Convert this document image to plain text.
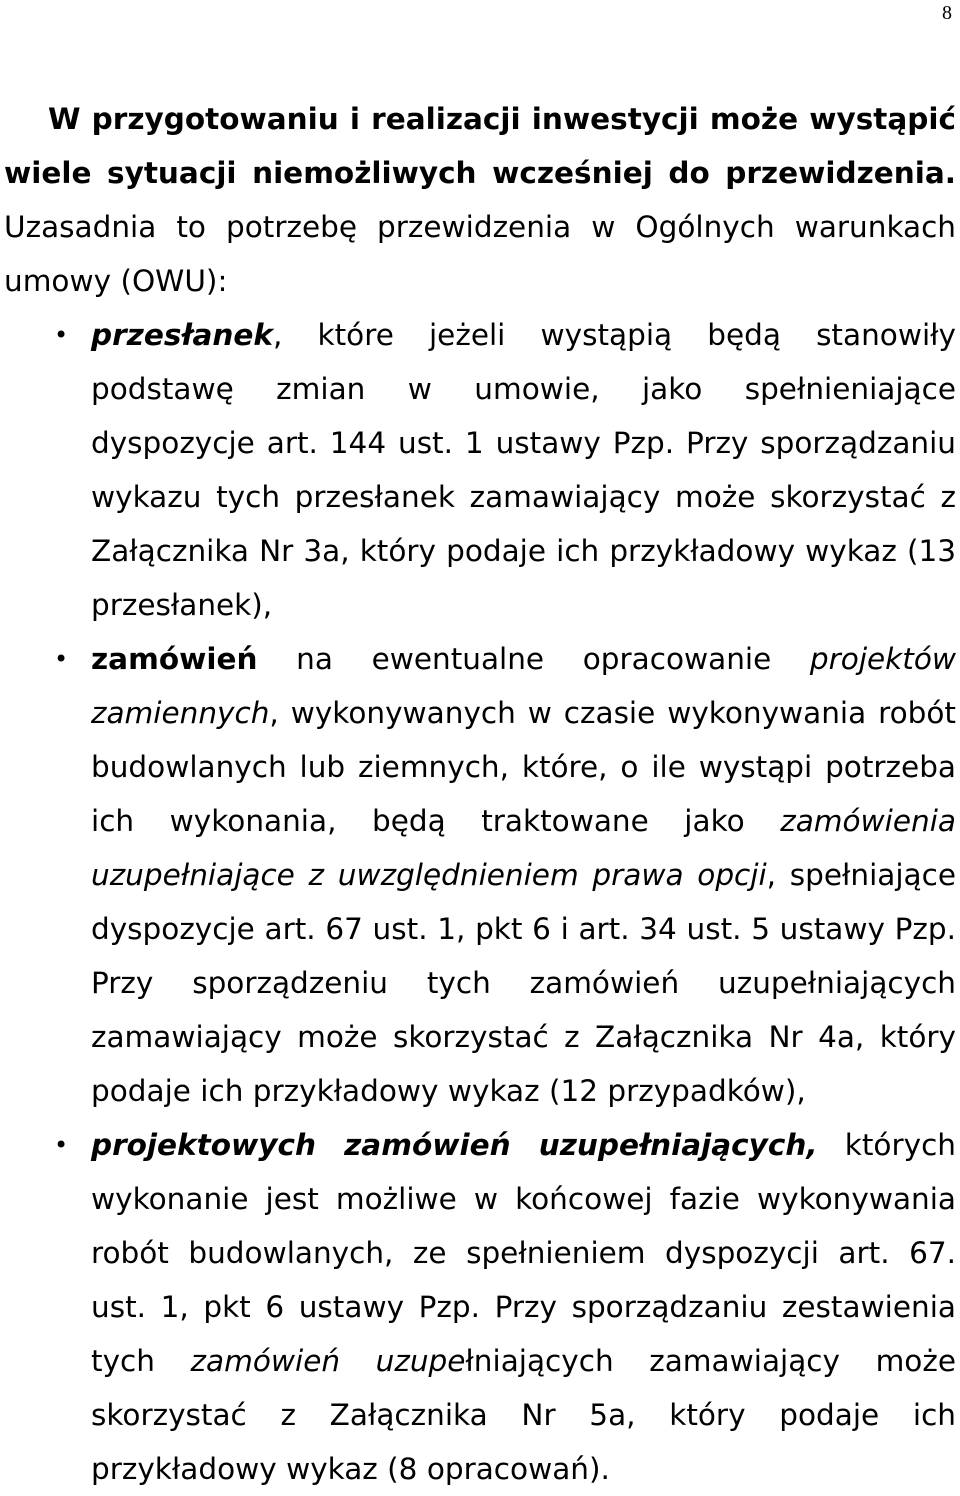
8

W przygotowaniu i realizacji inwestycji może wystąpić wiele sytuacji niemożliwych wcześniej do przewidzenia. Uzasadnia to potrzebę przewidzenia w Ogólnych warunkach umowy (OWU):

• przesłanek, które jeżeli wystąpią będą stanowiły podstawę zmian w umowie, jako spełnieniające dyspozycje art. 144 ust. 1 ustawy Pzp. Przy sporządzaniu wykazu tych przesłanek zamawiający może skorzystać z Załącznika Nr 3a, który podaje ich przykładowy wykaz (13 przesłanek),
• zamówień na ewentualne opracowanie projektów zamiennych, wykonywanych w czasie wykonywania robót budowlanych lub ziemnych, które, o ile wystąpi potrzeba ich wykonania, będą traktowane jako zamówienia uzupełniające z uwzględnieniem prawa opcji, spełniające dyspozycje art. 67 ust. 1, pkt 6 i art. 34 ust. 5 ustawy Pzp. Przy sporządzeniu tych zamówień uzupełniających zamawiający może skorzystać z Załącznika Nr 4a, który podaje ich przykładowy wykaz (12 przypadków),
• projektowych zamówień uzupełniających, których wykonanie jest możliwe w końcowej fazie wykonywania robót budowlanych, ze spełnieniem dyspozycji art. 67. ust. 1, pkt 6 ustawy Pzp. Przy sporządzaniu zestawienia tych zamówień uzupełniających zamawiający może skorzystać z Załącznika Nr 5a, który podaje ich przykładowy wykaz (8 opracowań).
